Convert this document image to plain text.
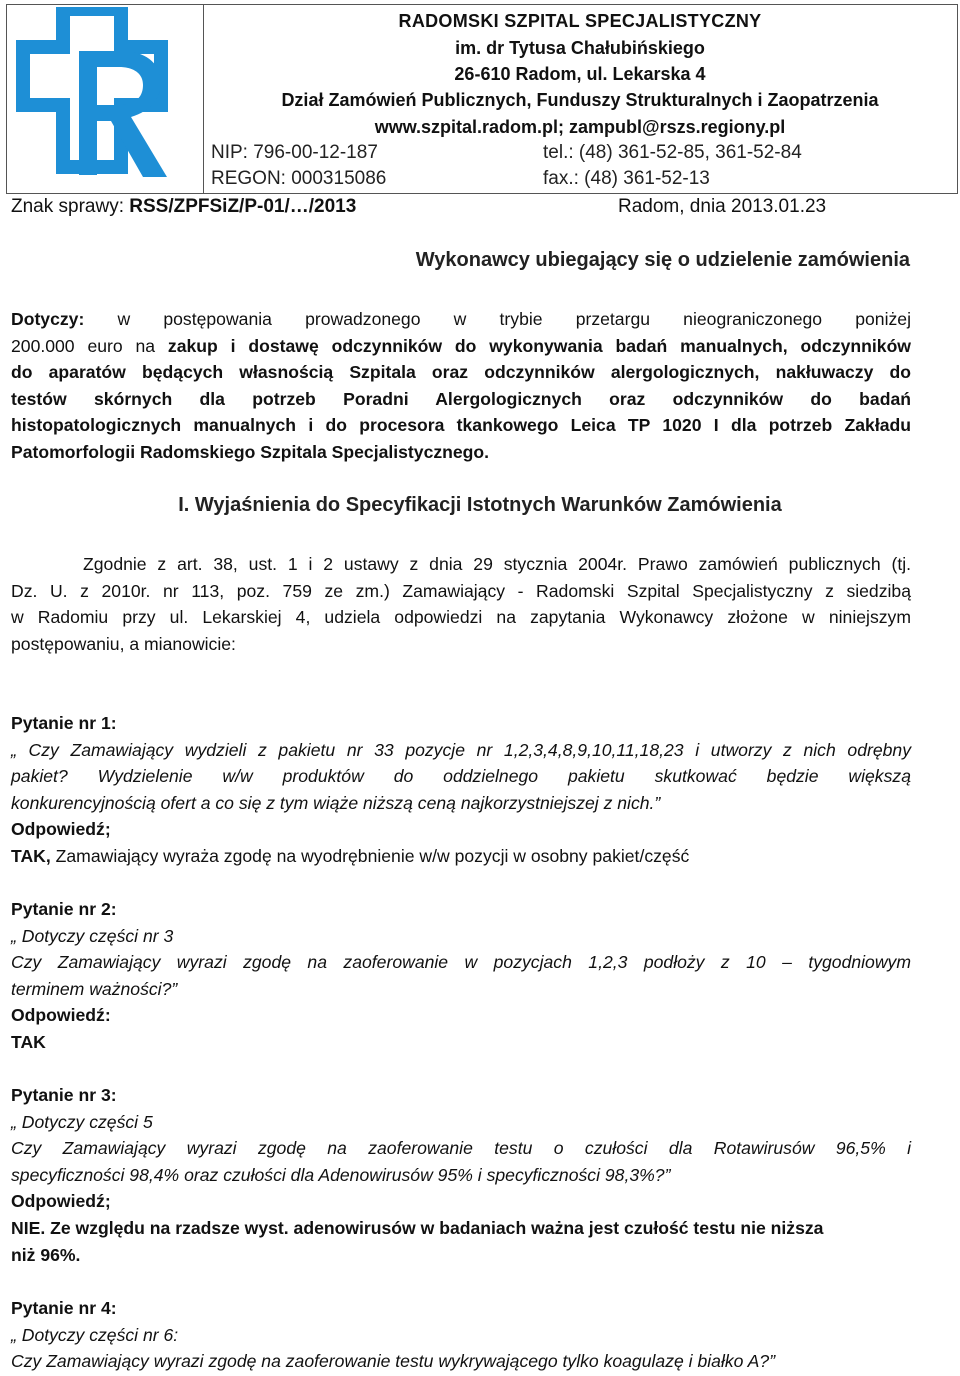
RADOMSKI SZPITAL SPECJALISTYCZNY
im. dr Tytusa Chałubińskiego
26-610 Radom, ul. Lekarska 4
Dział Zamówień Publicznych, Funduszy Strukturalnych i Zaopatrzenia
www.szpital.radom.pl; zampubl@rszs.regiony.pl
NIP: 796-00-12-187
REGON: 000315086
tel.: (48) 361-52-85, 361-52-84
fax.: (48) 361-52-13
Znak sprawy: RSS/ZPFSiZ/P-01/…/2013	Radom, dnia 2013.01.23
Wykonawcy ubiegający się o udzielenie zamówienia
Dotyczy: w postępowania prowadzonego w trybie przetargu nieograniczonego poniżej
200.000 euro na zakup i dostawę odczynników do wykonywania badań manualnych, odczynników
do aparatów będących własnością Szpitala oraz odczynników alergologicznych, nakłuwaczy do
testów skórnych dla potrzeb Poradni Alergologicznych oraz odczynników do badań
histopatologicznych manualnych i do procesora tkankowego Leica TP 1020 I dla potrzeb Zakładu
Patomorfologii Radomskiego Szpitala Specjalistycznego.
I. Wyjaśnienia do Specyfikacji Istotnych Warunków Zamówienia
Zgodnie z art. 38, ust. 1 i 2 ustawy z dnia 29 stycznia 2004r. Prawo zamówień publicznych (tj.
Dz. U. z 2010r. nr 113, poz. 759 ze zm.) Zamawiający - Radomski Szpital Specjalistyczny z siedzibą
w Radomiu przy ul. Lekarskiej 4, udziela odpowiedzi na zapytania Wykonawcy złożone w niniejszym
postępowaniu, a mianowicie:
Pytanie nr 1:
„ Czy Zamawiający wydzieli z pakietu nr 33 pozycje nr 1,2,3,4,8,9,10,11,18,23 i utworzy z nich odrębny
pakiet? Wydzielenie w/w produktów do oddzielnego pakietu skutkować będzie większą
konkurencyjnością ofert a co się z tym wiąże niższą ceną najkorzystniejszej z nich.”
Odpowiedź;
TAK, Zamawiający wyraża zgodę na wyodrębnienie w/w pozycji w osobny pakiet/część
Pytanie nr 2:
„ Dotyczy części nr 3
Czy Zamawiający wyrazi zgodę na zaoferowanie w pozycjach 1,2,3 podłoży z 10 – tygodniowym
terminem ważności?”
Odpowiedź:
TAK
Pytanie nr 3:
„ Dotyczy części 5
Czy Zamawiający wyrazi zgodę na zaoferowanie testu o czułości dla Rotawirusów 96,5% i
specyficzności 98,4% oraz czułości dla Adenowirusów 95% i specyficzności 98,3%?”
Odpowiedź;
NIE. Ze względu na rzadsze wyst. adenowirusów w badaniach ważna jest czułość testu nie niższa
niż 96%.
Pytanie nr 4:
„ Dotyczy części nr 6:
Czy Zamawiający wyrazi zgodę na zaoferowanie testu wykrywającego tylko koagulazę i białko A?”
